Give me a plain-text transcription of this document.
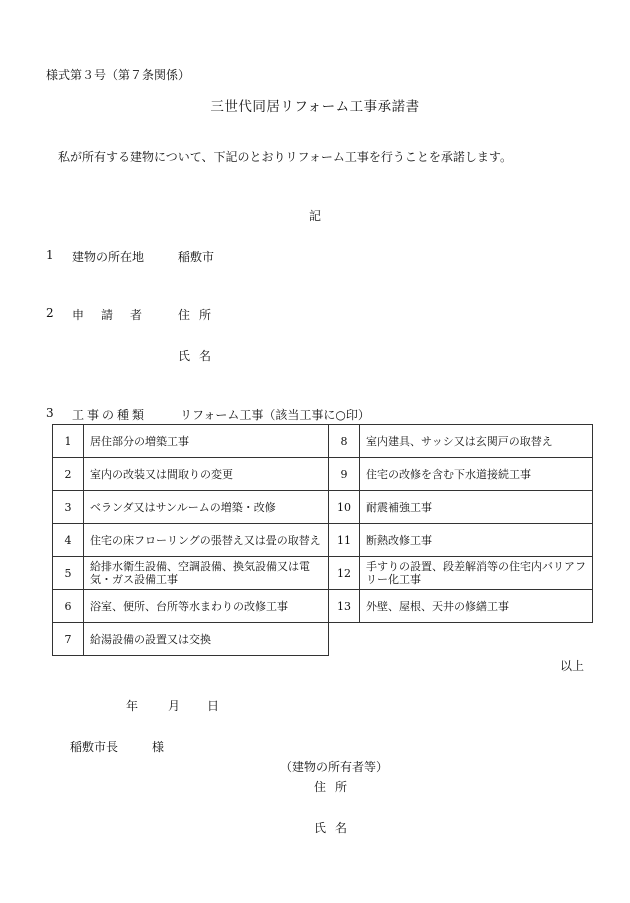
様式第３号（第７条関係）
三世代同居リフォーム工事承諾書
私が所有する建物について、下記のとおりリフォーム工事を行うことを承諾します。
記
1 建物の所在地	稲敷市
2 申請者 住所
氏名
3 工事の種類	リフォーム工事（該当工事に○印）
1	居住部分の増築工事	8	室内建具、サッシ又は玄関戸の取替え
2	室内の改装又は間取りの変更	9	住宅の改修を含む下水道接続工事
3	ベランダ又はサンルームの増築・改修	10	耐震補強工事
4	住宅の床フローリングの張替え又は畳の取替え	11	断熱改修工事
5	給排水衛生設備、空調設備、換気設備又は電気・ガス設備工事	12	手すりの設置、段差解消等の住宅内バリアフリー化工事
6	浴室、便所、台所等水まわりの改修工事	13	外壁、屋根、天井の修繕工事
7	給湯設備の設置又は交換		
以上
年 月 日
稲敷市長	様
（建物の所有者等）
住所
氏名
